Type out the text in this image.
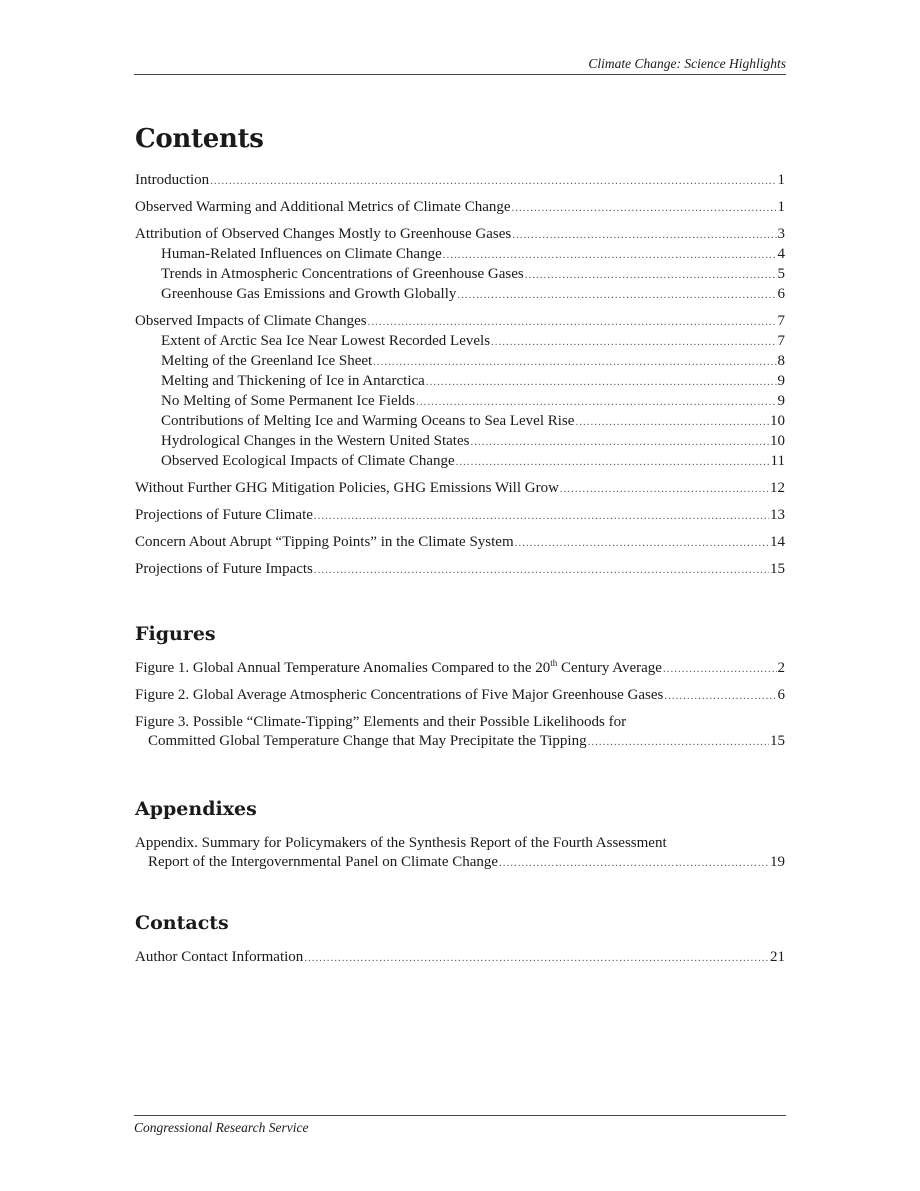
Climate Change: Science Highlights
Contents
Introduction .....	1
Observed Warming and Additional Metrics of Climate Change .....	1
Attribution of Observed Changes Mostly to Greenhouse Gases .....	3
Human-Related Influences on Climate Change .....	4
Trends in Atmospheric Concentrations of Greenhouse Gases .....	5
Greenhouse Gas Emissions and Growth Globally .....	6
Observed Impacts of Climate Changes .....	7
Extent of Arctic Sea Ice Near Lowest Recorded Levels .....	7
Melting of the Greenland Ice Sheet .....	8
Melting and Thickening of Ice in Antarctica .....	9
No Melting of Some Permanent Ice Fields .....	9
Contributions of Melting Ice and Warming Oceans to Sea Level Rise .....	10
Hydrological Changes in the Western United States .....	10
Observed Ecological Impacts of Climate Change .....	11
Without Further GHG Mitigation Policies, GHG Emissions Will Grow .....	12
Projections of Future Climate .....	13
Concern About Abrupt “Tipping Points” in the Climate System .....	14
Projections of Future Impacts .....	15
Figures
Figure 1. Global Annual Temperature Anomalies Compared to the 20th Century Average .....	2
Figure 2. Global Average Atmospheric Concentrations of Five Major Greenhouse Gases .....	6
Figure 3. Possible “Climate-Tipping” Elements and their Possible Likelihoods for
Committed Global Temperature Change that May Precipitate the Tipping .....	15
Appendixes
Appendix. Summary for Policymakers of the Synthesis Report of the Fourth Assessment
Report of the Intergovernmental Panel on Climate Change .....	19
Contacts
Author Contact Information .....	21
Congressional Research Service
